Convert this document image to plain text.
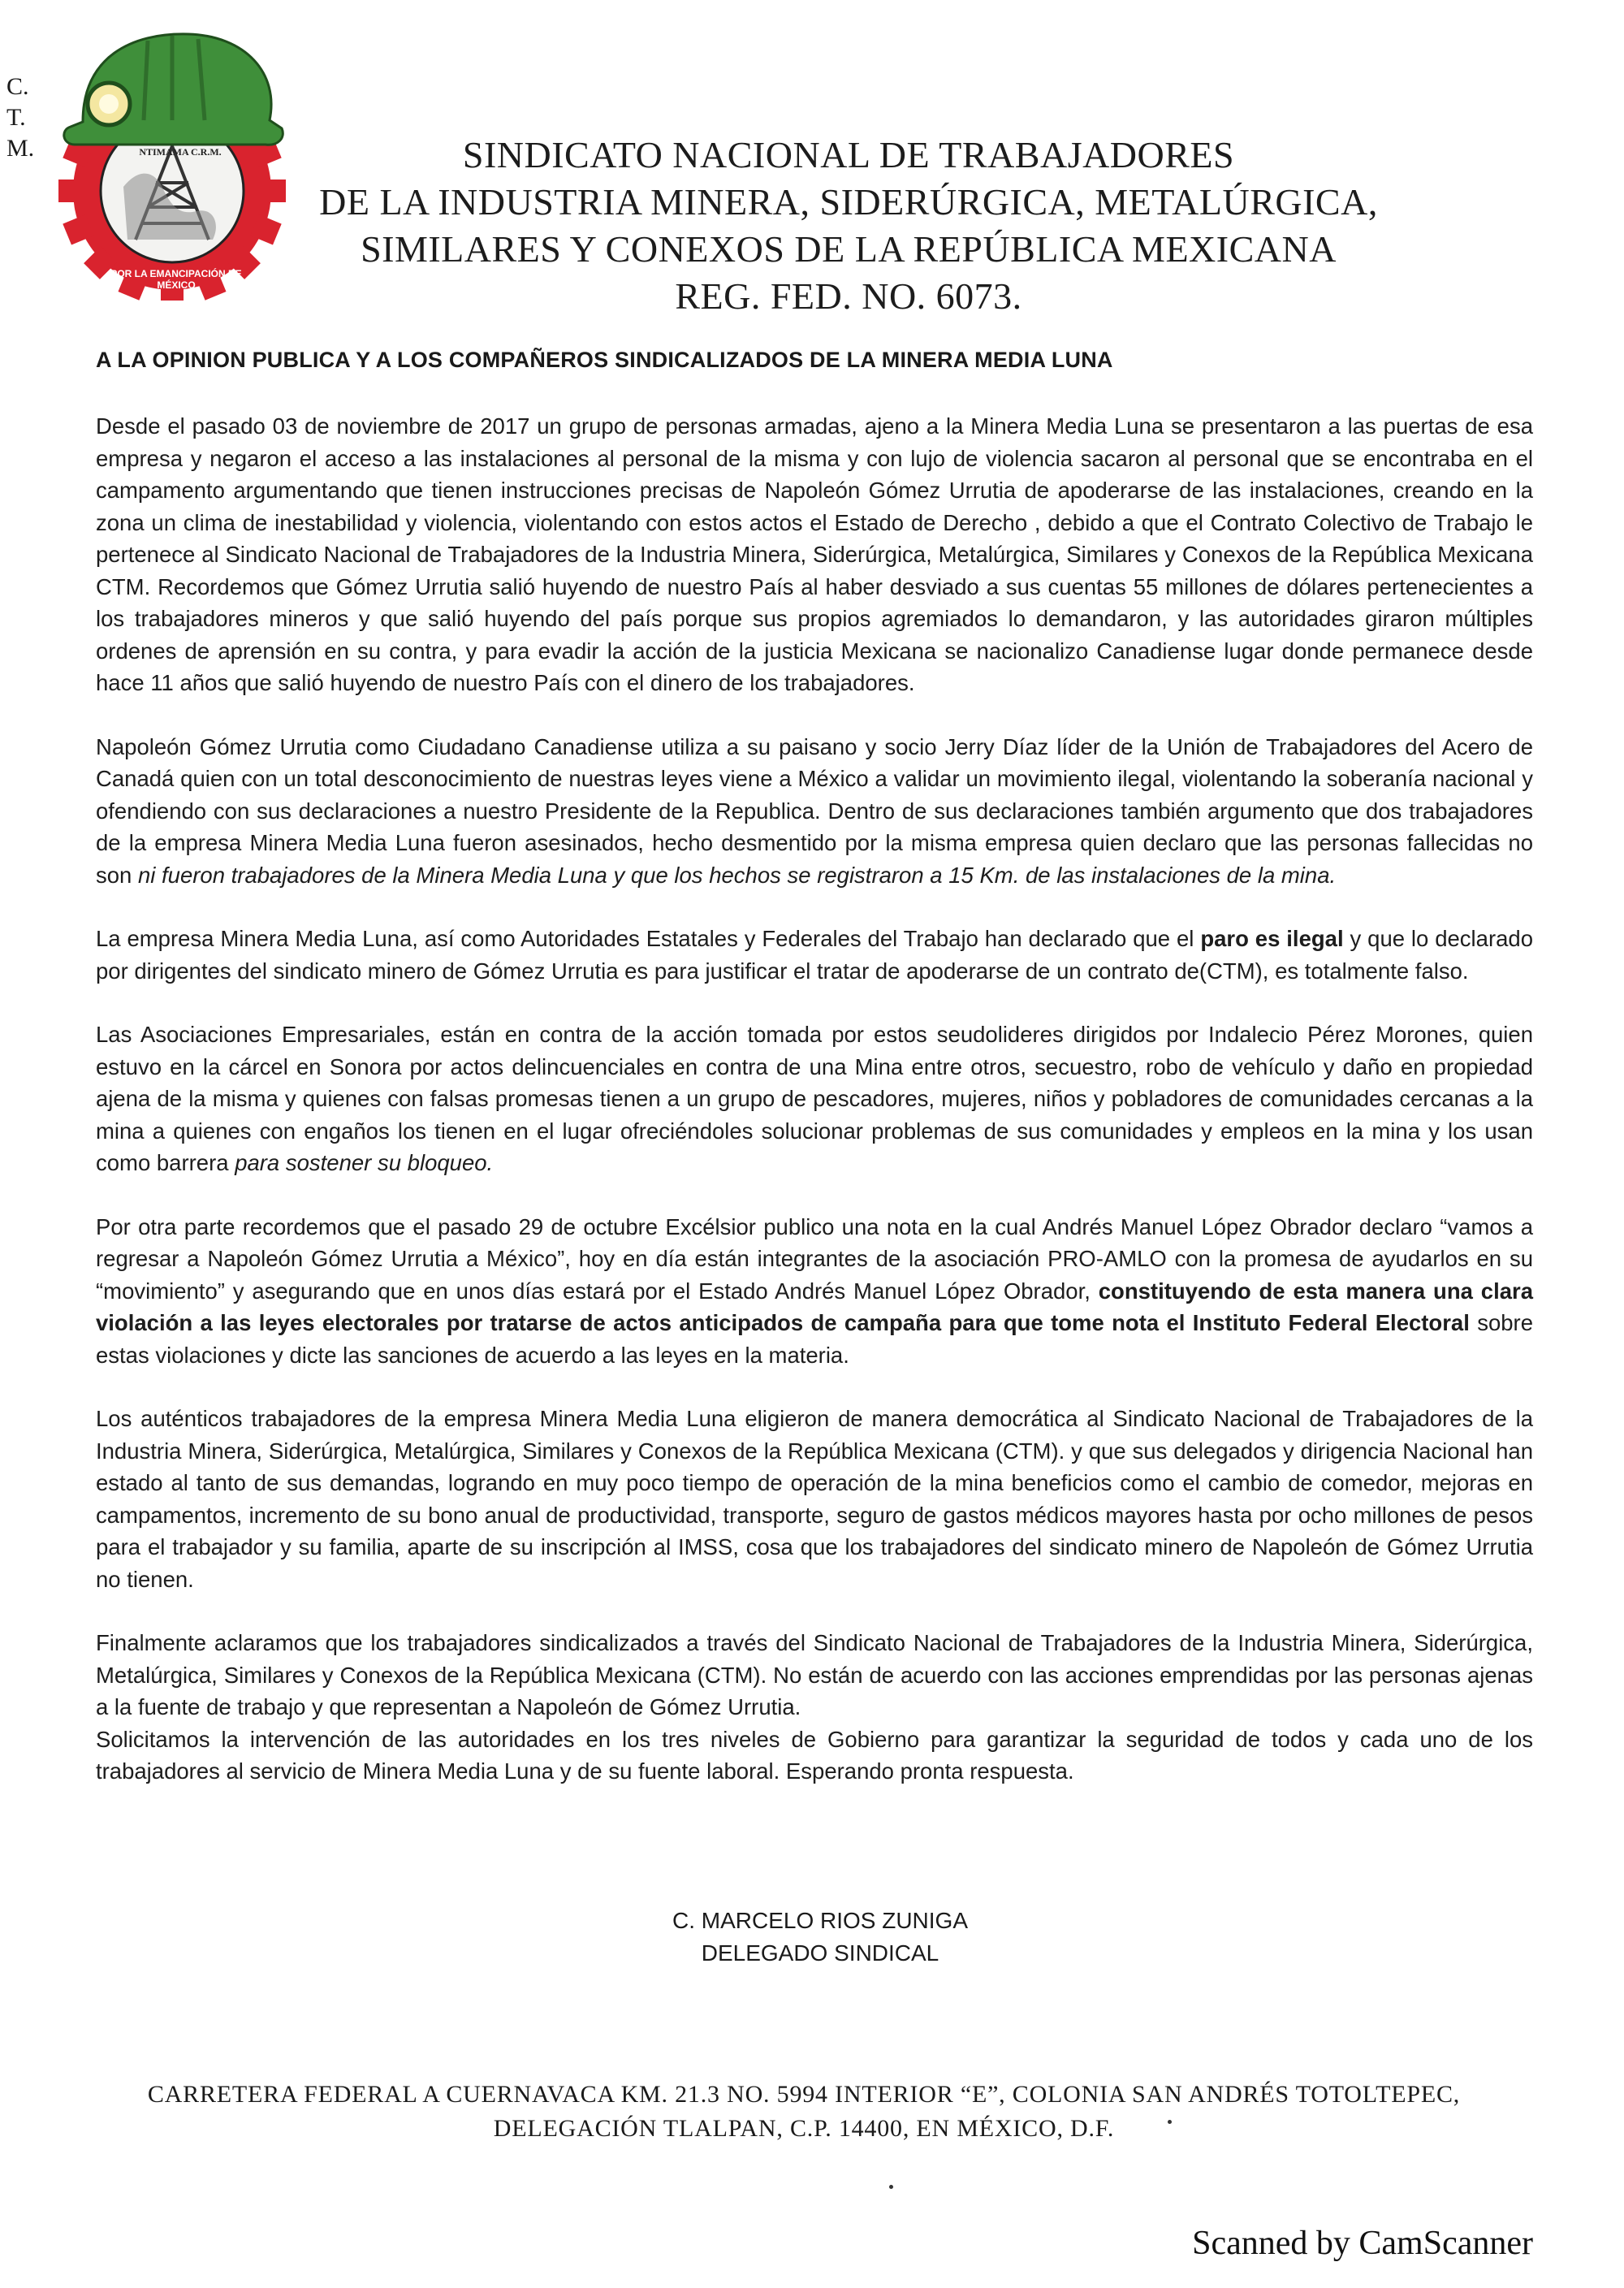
C.
T.
M.	NTIMAMA C.R.M.
POR LA EMANCIPACIÓN DE MÉXICO
SINDICATO NACIONAL DE TRABAJADORES
DE LA INDUSTRIA MINERA, SIDERÚRGICA, METALÚRGICA,
SIMILARES Y CONEXOS DE LA REPÚBLICA MEXICANA
REG. FED. NO. 6073.
A LA OPINION PUBLICA Y A LOS COMPAÑEROS SINDICALIZADOS DE LA MINERA MEDIA LUNA

Desde el pasado 03 de noviembre de 2017 un grupo de personas armadas, ajeno a la Minera Media Luna se presentaron a las puertas de esa empresa y negaron el acceso a las instalaciones al personal de la misma y con lujo de violencia sacaron al personal que se encontraba en el campamento argumentando que tienen instrucciones precisas de Napoleón Gómez Urrutia de apoderarse de las instalaciones, creando en la zona un clima de inestabilidad y violencia, violentando con estos actos el Estado de Derecho , debido a que el Contrato Colectivo de Trabajo le pertenece al Sindicato Nacional de Trabajadores de la Industria Minera, Siderúrgica, Metalúrgica, Similares y Conexos de la República Mexicana CTM. Recordemos que Gómez Urrutia salió huyendo de nuestro País al haber desviado a sus cuentas 55 millones de dólares pertenecientes a los trabajadores mineros y que salió huyendo del país porque sus propios agremiados lo demandaron, y las autoridades giraron múltiples ordenes de aprensión en su contra, y para evadir la acción de la justicia Mexicana se nacionalizo Canadiense lugar donde permanece desde hace 11 años que salió huyendo de nuestro País con el dinero de los trabajadores.

Napoleón Gómez Urrutia como Ciudadano Canadiense utiliza a su paisano y socio Jerry Díaz líder de la Unión de Trabajadores del Acero de Canadá quien con un total desconocimiento de nuestras leyes viene a México a validar un movimiento ilegal, violentando la soberanía nacional y ofendiendo con sus declaraciones a nuestro Presidente de la Republica. Dentro de sus declaraciones también argumento que dos trabajadores de la empresa Minera Media Luna fueron asesinados, hecho desmentido por la misma empresa quien declaro que las personas fallecidas no son ni fueron trabajadores de la Minera Media Luna y que los hechos se registraron a 15 Km. de las instalaciones de la mina.

La empresa Minera Media Luna, así como Autoridades Estatales y Federales del Trabajo han declarado que el paro es ilegal y que lo declarado por dirigentes del sindicato minero de Gómez Urrutia es para justificar el tratar de apoderarse de un contrato de(CTM), es totalmente falso.

Las Asociaciones Empresariales, están en contra de la acción tomada por estos seudolideres dirigidos por Indalecio Pérez Morones, quien estuvo en la cárcel en Sonora por actos delincuenciales en contra de una Mina entre otros, secuestro, robo de vehículo y daño en propiedad ajena de la misma y quienes con falsas promesas tienen a un grupo de pescadores, mujeres, niños y pobladores de comunidades cercanas a la mina a quienes con engaños los tienen en el lugar ofreciéndoles solucionar problemas de sus comunidades y empleos en la mina y los usan como barrera para sostener su bloqueo.

Por otra parte recordemos que el pasado 29 de octubre Excélsior publico una nota en la cual Andrés Manuel López Obrador declaro “vamos a regresar a Napoleón Gómez Urrutia a México”, hoy en día están integrantes de la asociación PRO-AMLO con la promesa de ayudarlos en su “movimiento” y asegurando que en unos días estará por el Estado Andrés Manuel López Obrador, constituyendo de esta manera una clara violación a las leyes electorales por tratarse de actos anticipados de campaña para que tome nota el Instituto Federal Electoral sobre estas violaciones y dicte las sanciones de acuerdo a las leyes en la materia.

Los auténticos trabajadores de la empresa Minera Media Luna eligieron de manera democrática al Sindicato Nacional de Trabajadores de la Industria Minera, Siderúrgica, Metalúrgica, Similares y Conexos de la República Mexicana (CTM). y que sus delegados y dirigencia Nacional han estado al tanto de sus demandas, logrando en muy poco tiempo de operación de la mina beneficios como el cambio de comedor, mejoras en campamentos, incremento de su bono anual de productividad, transporte, seguro de gastos médicos mayores hasta por ocho millones de pesos para el trabajador y su familia, aparte de su inscripción al IMSS, cosa que los trabajadores del sindicato minero de Napoleón de Gómez Urrutia no tienen.

Finalmente aclaramos que los trabajadores sindicalizados a través del Sindicato Nacional de Trabajadores de la Industria Minera, Siderúrgica, Metalúrgica, Similares y Conexos de la República Mexicana (CTM). No están de acuerdo con las acciones emprendidas por las personas ajenas a la fuente de trabajo y que representan a Napoleón de Gómez Urrutia.

Solicitamos la intervención de las autoridades en los tres niveles de Gobierno para garantizar la seguridad de todos y cada uno de los trabajadores al servicio de Minera Media Luna y de su fuente laboral. Esperando pronta respuesta.

C. MARCELO RIOS ZUNIGA
DELEGADO SINDICAL
CARRETERA FEDERAL A CUERNAVACA KM. 21.3 NO. 5994 INTERIOR “E”, COLONIA SAN ANDRÉS TOTOLTEPEC,
DELEGACIÓN TLALPAN, C.P. 14400, EN MÉXICO, D.F.
Scanned by CamScanner
